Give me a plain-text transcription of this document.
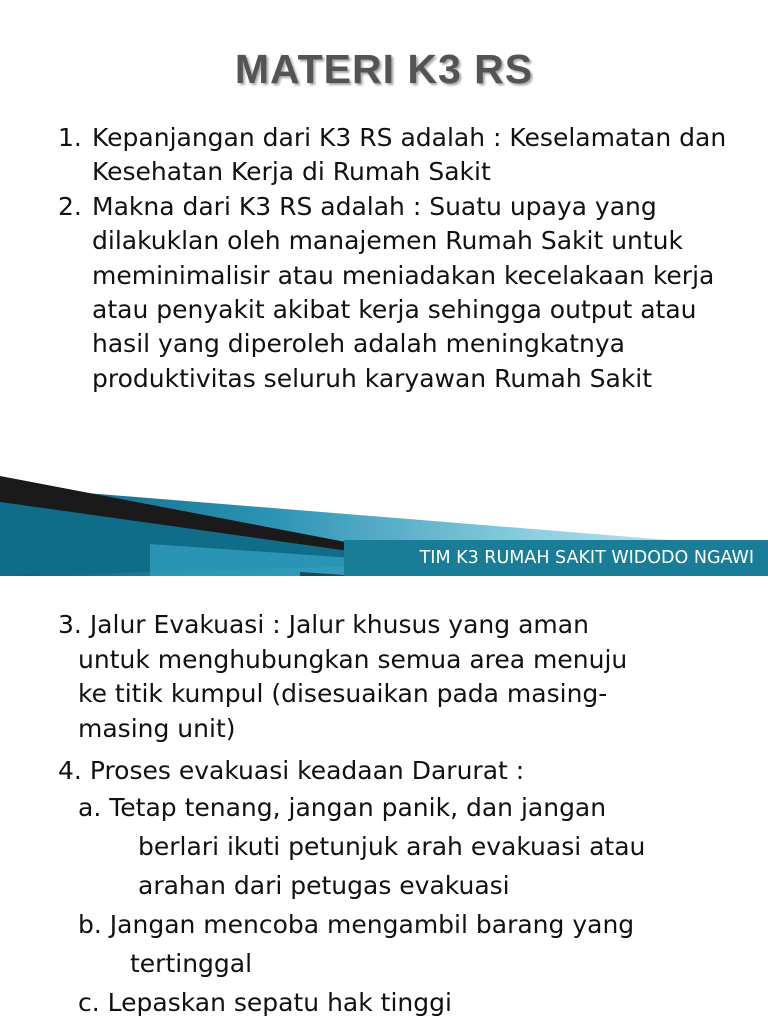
MATERI K3 RS
1. Kepanjangan dari K3 RS adalah : Keselamatan dan Kesehatan Kerja di Rumah Sakit
2. Makna dari K3 RS adalah : Suatu upaya yang dilakuklan oleh manajemen Rumah Sakit untuk meminimalisir atau meniadakan kecelakaan kerja atau penyakit akibat kerja sehingga output atau hasil yang diperoleh adalah meningkatnya produktivitas seluruh karyawan Rumah Sakit
TIM K3 RUMAH SAKIT WIDODO NGAWI
3. Jalur Evakuasi : Jalur khusus yang aman
untuk menghubungkan semua area menuju
ke titik kumpul (disesuaikan pada masing-
masing unit)
4. Proses evakuasi keadaan Darurat :
a. Tetap tenang, jangan panik, dan jangan
berlari ikuti petunjuk arah evakuasi atau
arahan dari petugas evakuasi
b. Jangan mencoba mengambil barang yang
tertinggal
c. Lepaskan sepatu hak tinggi
